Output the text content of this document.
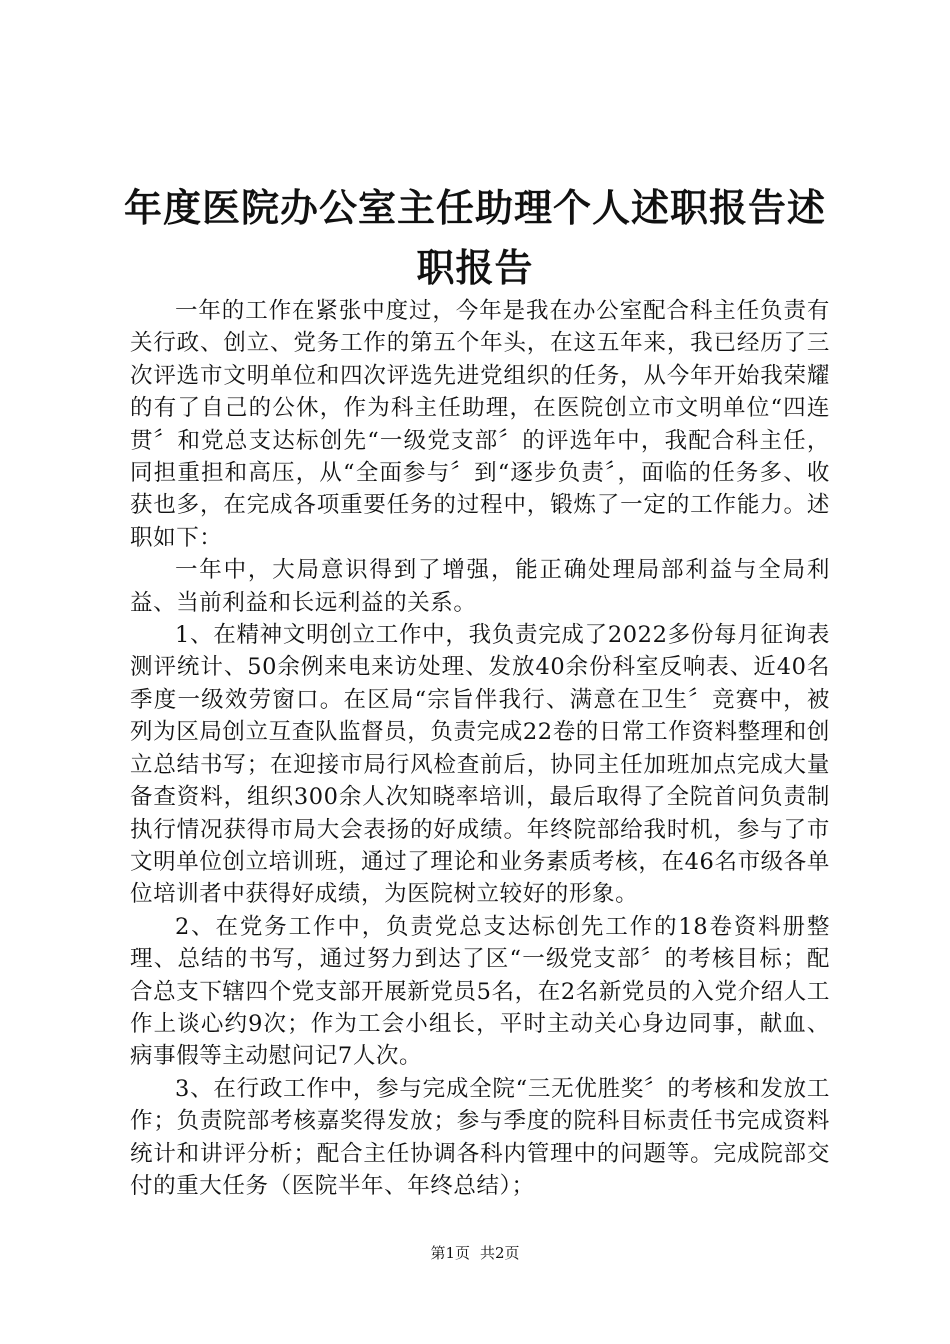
年度医院办公室主任助理个人述职报告述职报告

一年的工作在紧张中度过，今年是我在办公室配合科主任负责有关行政、创立、党务工作的第五个年头，在这五年来，我已经历了三次评选市文明单位和四次评选先进党组织的任务，从今年开始我荣耀的有了自己的公休，作为科主任助理，在医院创立市文明单位“四连贯〞和党总支达标创先“一级党支部〞的评选年中，我配合科主任，同担重担和高压，从“全面参与〞到“逐步负责〞，面临的任务多、收获也多，在完成各项重要任务的过程中，锻炼了一定的工作能力。述职如下：

一年中，大局意识得到了增强，能正确处理局部利益与全局利益、当前利益和长远利益的关系。

1、在精神文明创立工作中，我负责完成了2022多份每月征询表测评统计、50余例来电来访处理、发放40余份科室反响表、近40名季度一级效劳窗口。在区局“宗旨伴我行、满意在卫生〞竞赛中，被列为区局创立互查队监督员，负责完成22卷的日常工作资料整理和创立总结书写；在迎接市局行风检查前后，协同主任加班加点完成大量备查资料，组织300余人次知晓率培训，最后取得了全院首问负责制执行情况获得市局大会表扬的好成绩。年终院部给我时机，参与了市文明单位创立培训班，通过了理论和业务素质考核，在46名市级各单位培训者中获得好成绩，为医院树立较好的形象。

2、在党务工作中，负责党总支达标创先工作的18卷资料册整理、总结的书写，通过努力到达了区“一级党支部〞的考核目标；配合总支下辖四个党支部开展新党员5名，在2名新党员的入党介绍人工作上谈心约9次；作为工会小组长，平时主动关心身边同事，献血、病事假等主动慰问记7人次。

3、在行政工作中，参与完成全院“三无优胜奖〞的考核和发放工作；负责院部考核嘉奖得发放；参与季度的院科目标责任书完成资料统计和讲评分析；配合主任协调各科内管理中的问题等。完成院部交付的重大任务（医院半年、年终总结）；

第1页 共2页
